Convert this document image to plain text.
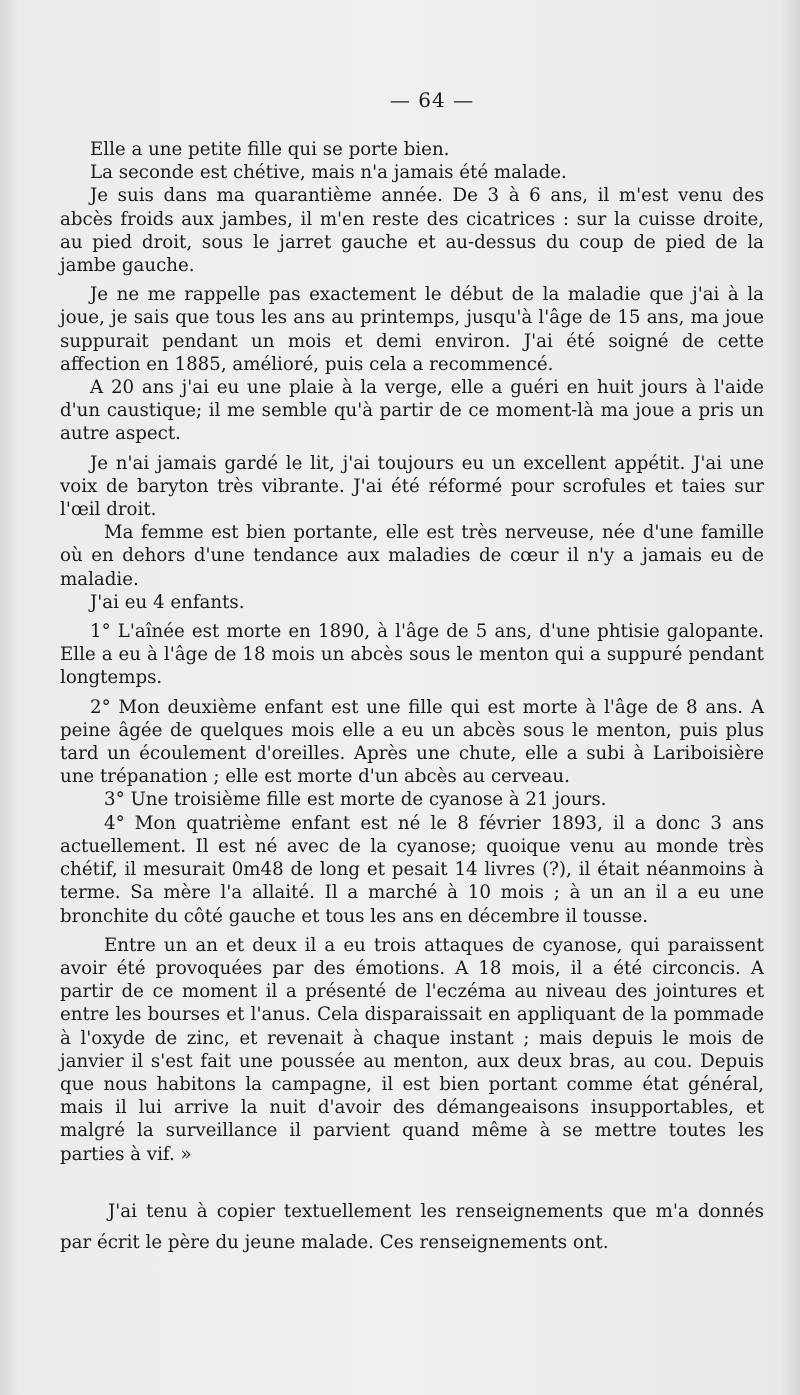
— 64 —

Elle a une petite fille qui se porte bien.

La seconde est chétive, mais n'a jamais été malade.

Je suis dans ma quarantième année. De 3 à 6 ans, il m'est venu des abcès froids aux jambes, il m'en reste des cicatrices : sur la cuisse droite, au pied droit, sous le jarret gauche et au-dessus du coup de pied de la jambe gauche.

Je ne me rappelle pas exactement le début de la maladie que j'ai à la joue, je sais que tous les ans au printemps, jusqu'à l'âge de 15 ans, ma joue suppurait pendant un mois et demi environ. J'ai été soigné de cette affection en 1885, amélioré, puis cela a recommencé.

A 20 ans j'ai eu une plaie à la verge, elle a guéri en huit jours à l'aide d'un caustique; il me semble qu'à partir de ce moment-là ma joue a pris un autre aspect.

Je n'ai jamais gardé le lit, j'ai toujours eu un excellent appétit. J'ai une voix de baryton très vibrante. J'ai été réformé pour scrofules et taies sur l'œil droit.

Ma femme est bien portante, elle est très nerveuse, née d'une famille où en dehors d'une tendance aux maladies de cœur il n'y a jamais eu de maladie.

J'ai eu 4 enfants.

1° L'aînée est morte en 1890, à l'âge de 5 ans, d'une phtisie galopante. Elle a eu à l'âge de 18 mois un abcès sous le menton qui a suppuré pendant longtemps.

2° Mon deuxième enfant est une fille qui est morte à l'âge de 8 ans. A peine âgée de quelques mois elle a eu un abcès sous le menton, puis plus tard un écoulement d'oreilles. Après une chute, elle a subi à Lariboisière une trépanation ; elle est morte d'un abcès au cerveau.

3° Une troisième fille est morte de cyanose à 21 jours.

4° Mon quatrième enfant est né le 8 février 1893, il a donc 3 ans actuellement. Il est né avec de la cyanose; quoique venu au monde très chétif, il mesurait 0m48 de long et pesait 14 livres (?), il était néanmoins à terme. Sa mère l'a allaité. Il a marché à 10 mois ; à un an il a eu une bronchite du côté gauche et tous les ans en décembre il tousse.

Entre un an et deux il a eu trois attaques de cyanose, qui paraissent avoir été provoquées par des émotions. A 18 mois, il a été circoncis. A partir de ce moment il a présenté de l'eczéma au niveau des jointures et entre les bourses et l'anus. Cela disparaissait en appliquant de la pommade à l'oxyde de zinc, et revenait à chaque instant ; mais depuis le mois de janvier il s'est fait une poussée au menton, aux deux bras, au cou. Depuis que nous habitons la campagne, il est bien portant comme état général, mais il lui arrive la nuit d'avoir des démangeaisons insupportables, et malgré la surveillance il parvient quand même à se mettre toutes les parties à vif. »

J'ai tenu à copier textuellement les renseignements que m'a donnés par écrit le père du jeune malade. Ces renseignements ont.
